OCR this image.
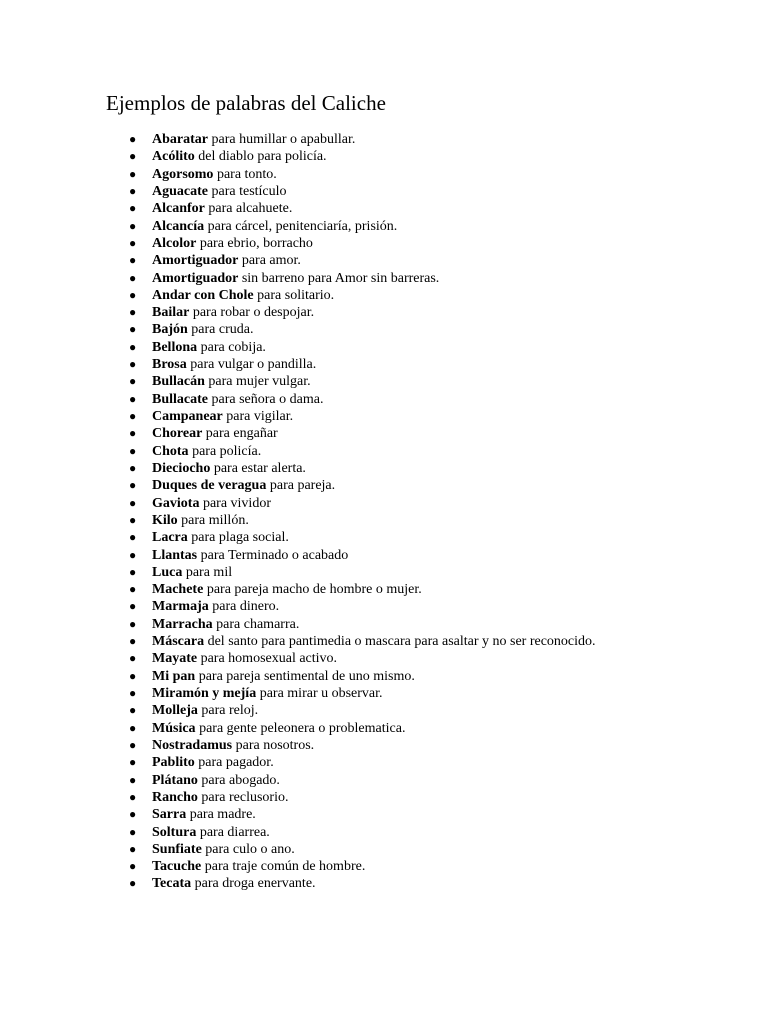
Ejemplos de palabras del Caliche
● Abaratar para humillar o apabullar.
● Acólito del diablo para policía.
● Agorsomo para tonto.
● Aguacate para testículo
● Alcanfor para alcahuete.
● Alcancía para cárcel, penitenciaría, prisión.
● Alcolor para ebrio, borracho
● Amortiguador para amor.
● Amortiguador sin barreno para Amor sin barreras.
● Andar con Chole para solitario.
● Bailar para robar o despojar.
● Bajón para cruda.
● Bellona para cobija.
● Brosa para vulgar o pandilla.
● Bullacán para mujer vulgar.
● Bullacate para señora o dama.
● Campanear para vigilar.
● Chorear para engañar
● Chota para policía.
● Dieciocho para estar alerta.
● Duques de veragua para pareja.
● Gaviota para vividor
● Kilo para millón.
● Lacra para plaga social.
● Llantas para Terminado o acabado
● Luca para mil
● Machete para pareja macho de hombre o mujer.
● Marmaja para dinero.
● Marracha para chamarra.
● Máscara del santo para pantimedia o mascara para asaltar y no ser reconocido.
● Mayate para homosexual activo.
● Mi pan para pareja sentimental de uno mismo.
● Miramón y mejía para mirar u observar.
● Molleja para reloj.
● Música para gente peleonera o problematica.
● Nostradamus para nosotros.
● Pablito para pagador.
● Plátano para abogado.
● Rancho para reclusorio.
● Sarra para madre.
● Soltura para diarrea.
● Sunfiate para culo o ano.
● Tacuche para traje común de hombre.
● Tecata para droga enervante.
